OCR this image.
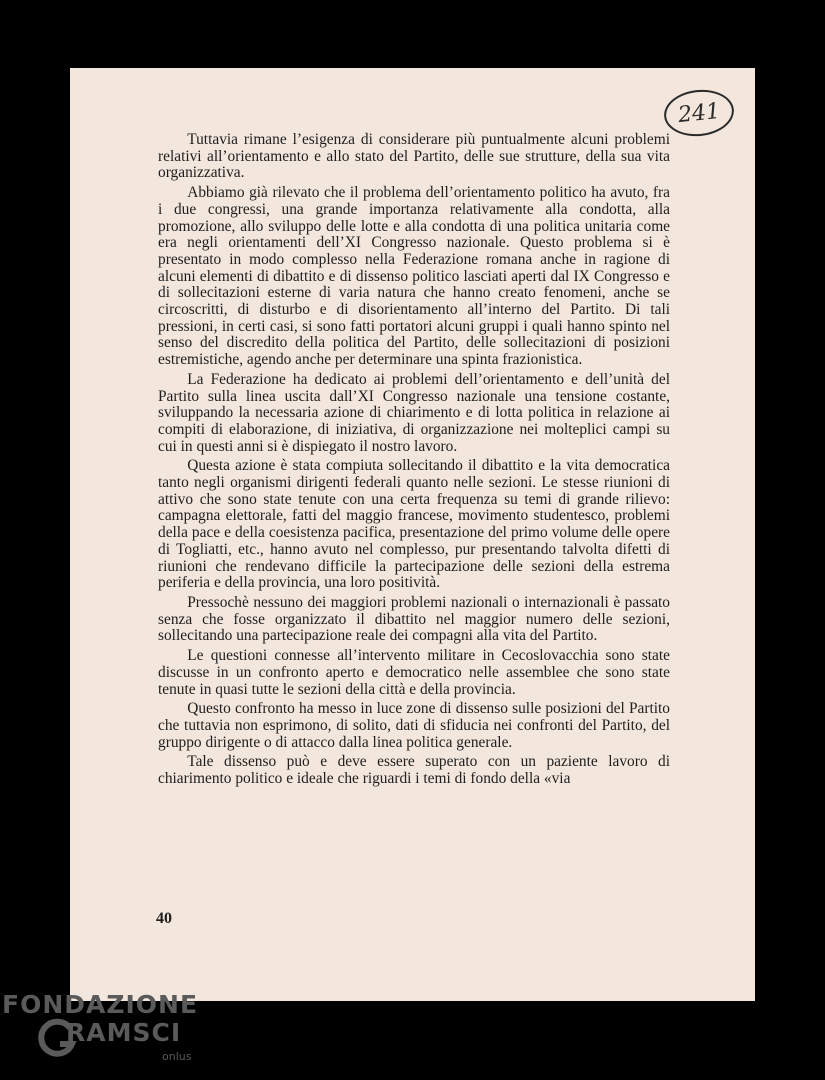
241

Tuttavia rimane l’esigenza di considerare più puntualmente alcuni problemi relativi all’orientamento e allo stato del Partito, delle sue strutture, della sua vita organizzativa.

Abbiamo già rilevato che il problema dell’orientamento politico ha avuto, fra i due congressi, una grande importanza relativamente alla condotta, alla promozione, allo sviluppo delle lotte e alla condotta di una politica unitaria come era negli orientamenti dell’XI Congresso nazionale. Questo problema si è presentato in modo complesso nella Federazione romana anche in ragione di alcuni elementi di dibattito e di dissenso politico lasciati aperti dal IX Congresso e di sollecitazioni esterne di varia natura che hanno creato fenomeni, anche se circoscritti, di disturbo e di disorientamento all’interno del Partito. Di tali pressioni, in certi casi, si sono fatti portatori alcuni gruppi i quali hanno spinto nel senso del discredito della politica del Partito, delle sollecitazioni di posizioni estremistiche, agendo anche per determinare una spinta frazionistica.

La Federazione ha dedicato ai problemi dell’orientamento e dell’unità del Partito sulla linea uscita dall’XI Congresso nazionale una tensione costante, sviluppando la necessaria azione di chiarimento e di lotta politica in relazione ai compiti di elaborazione, di iniziativa, di organizzazione nei molteplici campi su cui in questi anni si è dispiegato il nostro lavoro.

Questa azione è stata compiuta sollecitando il dibattito e la vita democratica tanto negli organismi dirigenti federali quanto nelle sezioni. Le stesse riunioni di attivo che sono state tenute con una certa frequenza su temi di grande rilievo: campagna elettorale, fatti del maggio francese, movimento studentesco, problemi della pace e della coesistenza pacifica, presentazione del primo volume delle opere di Togliatti, etc., hanno avuto nel complesso, pur presentando talvolta difetti di riunioni che rendevano difficile la partecipazione delle sezioni della estrema periferia e della provincia, una loro positività.

Pressochè nessuno dei maggiori problemi nazionali o internazionali è passato senza che fosse organizzato il dibattito nel maggior numero delle sezioni, sollecitando una partecipazione reale dei compagni alla vita del Partito.

Le questioni connesse all’intervento militare in Cecoslovacchia sono state discusse in un confronto aperto e democratico nelle assemblee che sono state tenute in quasi tutte le sezioni della città e della provincia.

Questo confronto ha messo in luce zone di dissenso sulle posizioni del Partito che tuttavia non esprimono, di solito, dati di sfiducia nei confronti del Partito, del gruppo dirigente o di attacco dalla linea politica generale.

Tale dissenso può e deve essere superato con un paziente lavoro di chiarimento politico e ideale che riguardi i temi di fondo della «via

40
FONDAZIONE
RAMSCI
onlus
